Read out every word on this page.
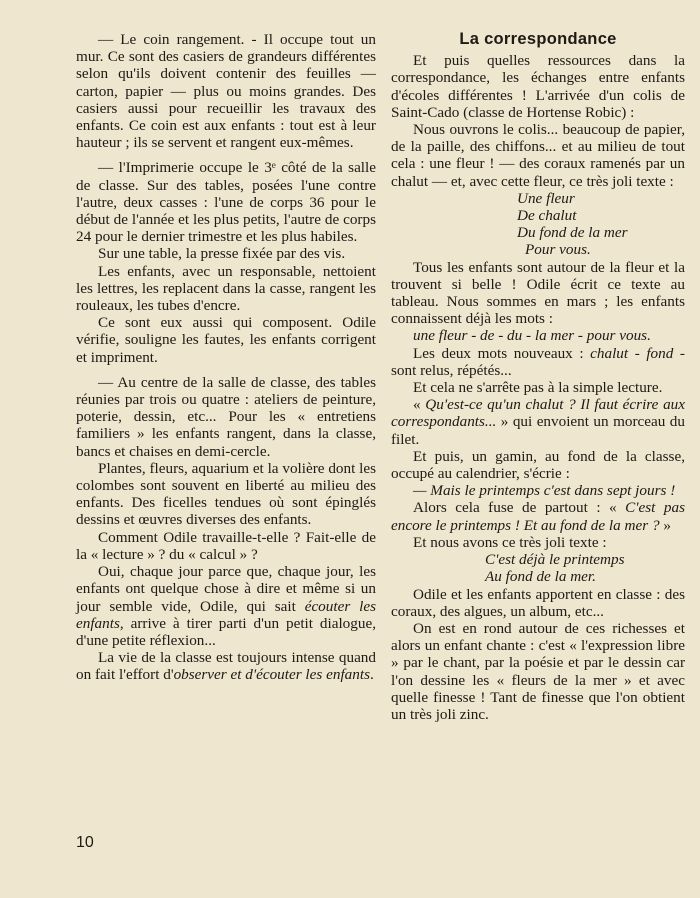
— Le coin rangement. - Il occupe tout un mur. Ce sont des casiers de grandeurs différentes selon qu'ils doivent contenir des feuilles — carton, papier — plus ou moins grandes. Des casiers aussi pour recueillir les travaux des enfants. Ce coin est aux enfants : tout est à leur hauteur ; ils se servent et rangent eux-mêmes.

— l'Imprimerie occupe le 3ᵉ côté de la salle de classe. Sur des tables, posées l'une contre l'autre, deux casses : l'une de corps 36 pour le début de l'année et les plus petits, l'autre de corps 24 pour le dernier trimestre et les plus habiles.

Sur une table, la presse fixée par des vis.

Les enfants, avec un responsable, nettoient les lettres, les replacent dans la casse, rangent les rouleaux, les tubes d'encre.

Ce sont eux aussi qui composent. Odile vérifie, souligne les fautes, les enfants corrigent et impriment.

— Au centre de la salle de classe, des tables réunies par trois ou quatre : ateliers de peinture, poterie, dessin, etc... Pour les « entretiens familiers » les enfants rangent, dans la classe, bancs et chaises en demi-cercle.

Plantes, fleurs, aquarium et la volière dont les colombes sont souvent en liberté au milieu des enfants. Des ficelles tendues où sont épinglés dessins et œuvres diverses des enfants.

Comment Odile travaille-t-elle ? Fait-elle de la « lecture » ? du « calcul » ?

Oui, chaque jour parce que, chaque jour, les enfants ont quelque chose à dire et même si un jour semble vide, Odile, qui sait écouter les enfants, arrive à tirer parti d'un petit dialogue, d'une petite réflexion...

La vie de la classe est toujours intense quand on fait l'effort d'observer et d'écouter les enfants.

La correspondance

Et puis quelles ressources dans la correspondance, les échanges entre enfants d'écoles différentes ! L'arrivée d'un colis de Saint-Cado (classe de Hortense Robic) :

Nous ouvrons le colis... beaucoup de papier, de la paille, des chiffons... et au milieu de tout cela : une fleur ! — des coraux ramenés par un chalut — et, avec cette fleur, ce très joli texte :

Une fleur
De chalut
Du fond de la mer
Pour vous.

Tous les enfants sont autour de la fleur et la trouvent si belle ! Odile écrit ce texte au tableau. Nous sommes en mars ; les enfants connaissent déjà les mots :

une fleur - de - du - la mer - pour vous.

Les deux mots nouveaux : chalut - fond - sont relus, répétés...

Et cela ne s'arrête pas à la simple lecture.

« Qu'est-ce qu'un chalut ? Il faut écrire aux correspondants... » qui envoient un morceau du filet.

Et puis, un gamin, au fond de la classe, occupé au calendrier, s'écrie :

— Mais le printemps c'est dans sept jours !

Alors cela fuse de partout : « C'est pas encore le printemps ! Et au fond de la mer ? »

Et nous avons ce très joli texte :

C'est déjà le printemps
Au fond de la mer.

Odile et les enfants apportent en classe : des coraux, des algues, un album, etc...

On est en rond autour de ces richesses et alors un enfant chante : c'est « l'expression libre » par le chant, par la poésie et par le dessin car l'on dessine les « fleurs de la mer » et avec quelle finesse ! Tant de finesse que l'on obtient un très joli zinc.

10
